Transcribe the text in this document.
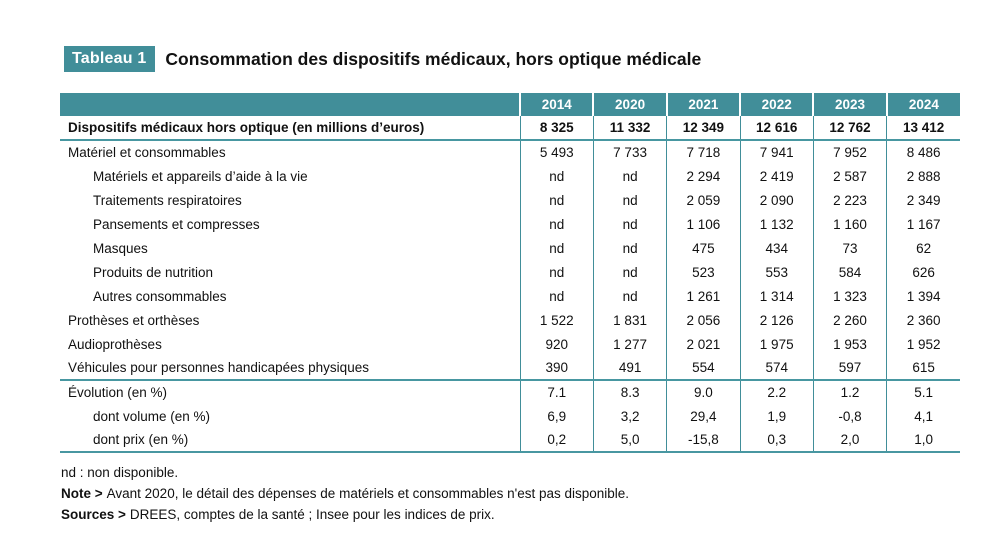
Tableau 1	Consommation des dispositifs médicaux, hors optique médicale
	2014	2020	2021	2022	2023	2024
Dispositifs médicaux hors optique (en millions d’euros)	8 325	11 332	12 349	12 616	12 762	13 412
Matériel et consommables	5 493	7 733	7 718	7 941	7 952	8 486
Matériels et appareils d’aide à la vie	nd	nd	2 294	2 419	2 587	2 888
Traitements respiratoires	nd	nd	2 059	2 090	2 223	2 349
Pansements et compresses	nd	nd	1 106	1 132	1 160	1 167
Masques	nd	nd	475	434	73	62
Produits de nutrition	nd	nd	523	553	584	626
Autres consommables	nd	nd	1 261	1 314	1 323	1 394
Prothèses et orthèses	1 522	1 831	2 056	2 126	2 260	2 360
Audioprothèses	920	1 277	2 021	1 975	1 953	1 952
Véhicules pour personnes handicapées physiques	390	491	554	574	597	615
Évolution (en %)	7.1	8.3	9.0	2.2	1.2	5.1
dont volume (en %)	6,9	3,2	29,4	1,9	-0,8	4,1
dont prix (en %)	0,2	5,0	-15,8	0,3	2,0	1,0
nd : non disponible.
Note > Avant 2020, le détail des dépenses de matériels et consommables n'est pas disponible.
Sources > DREES, comptes de la santé ; Insee pour les indices de prix.
